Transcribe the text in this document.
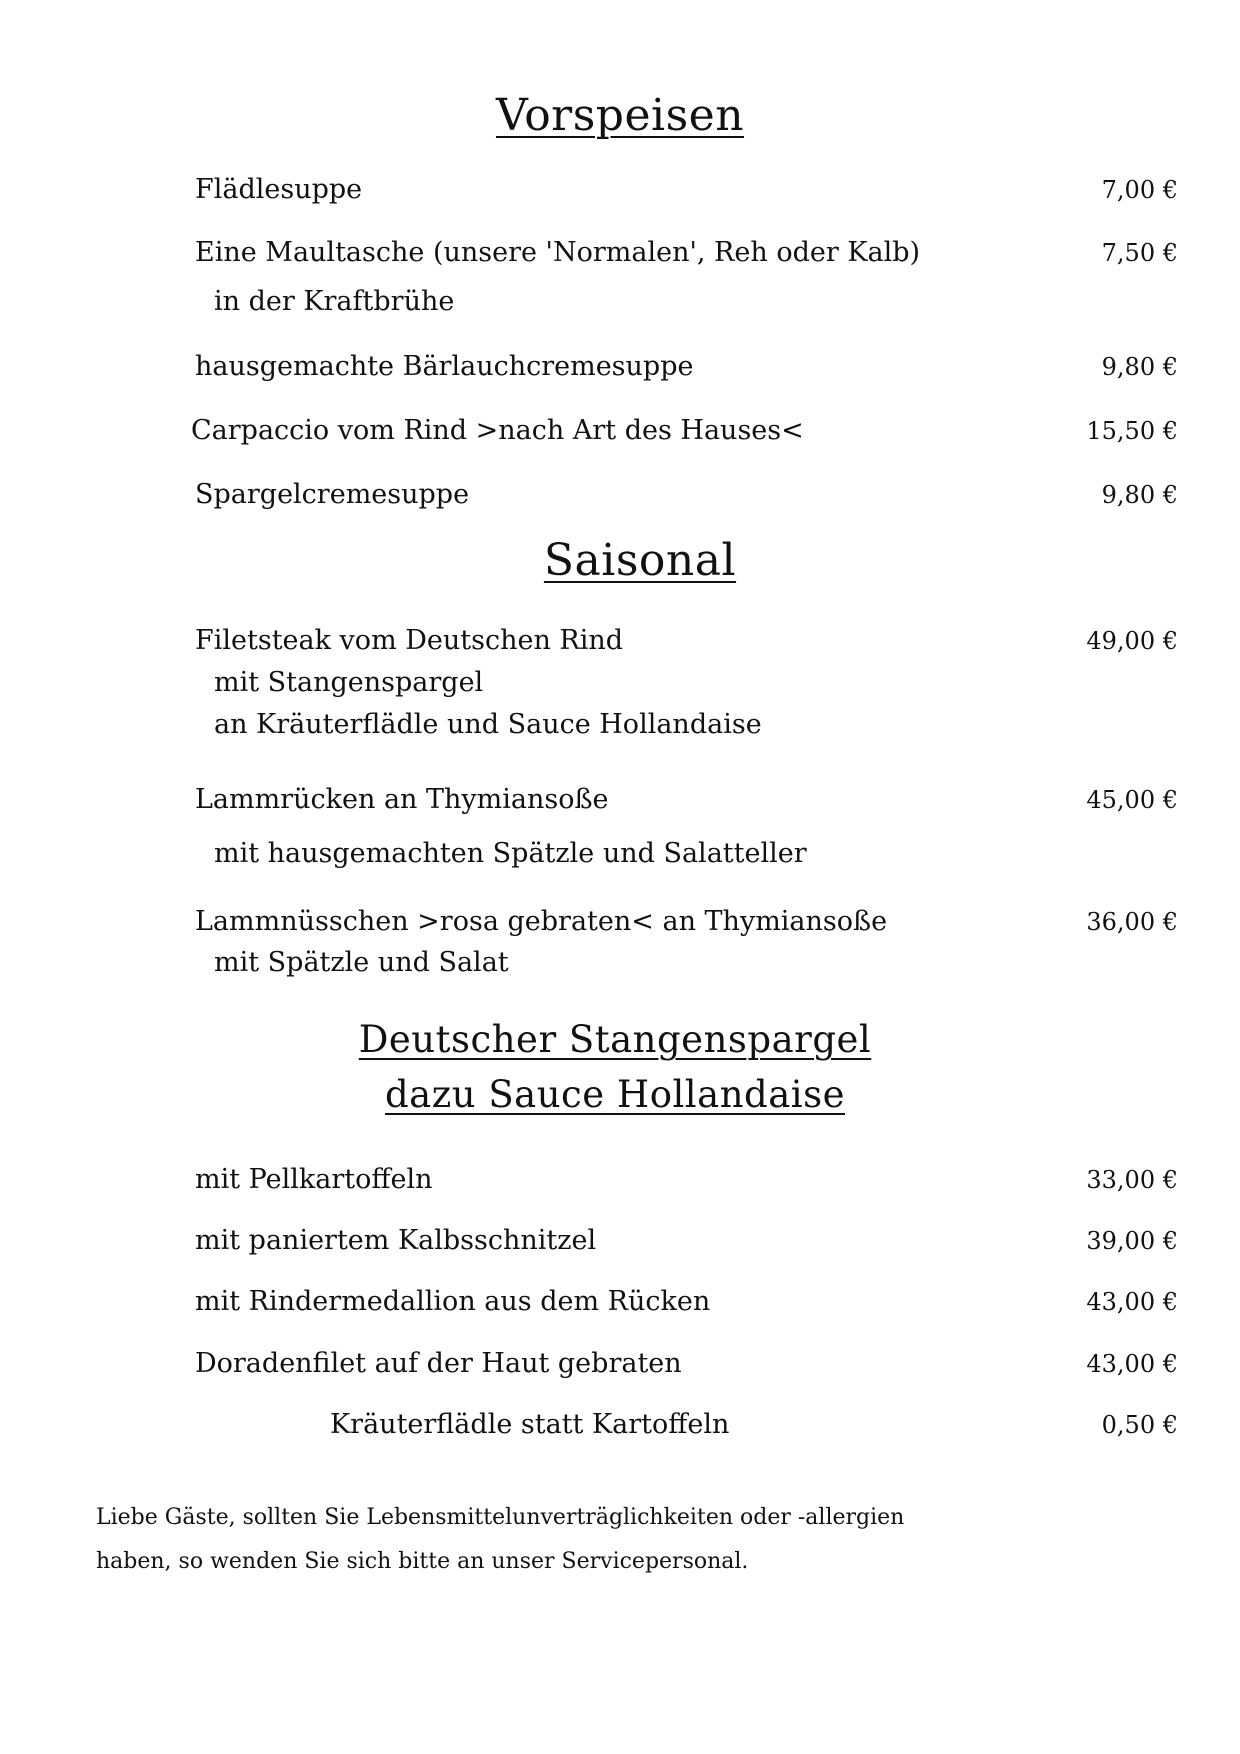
Vorspeisen
Flädlesuppe	7,00 €
Eine Maultasche (unsere 'Normalen', Reh oder Kalb)	7,50 €
in der Kraftbrühe
hausgemachte Bärlauchcremesuppe	9,80 €
Carpaccio vom Rind >nach Art des Hauses<	15,50 €
Spargelcremesuppe	9,80 €
Saisonal
Filetsteak vom Deutschen Rind	49,00 €
mit Stangenspargel
an Kräuterflädle und Sauce Hollandaise
Lammrücken an Thymiansoße	45,00 €
mit hausgemachten Spätzle und Salatteller
Lammnüsschen >rosa gebraten< an Thymiansoße	36,00 €
mit Spätzle und Salat
Deutscher Stangenspargel
dazu Sauce Hollandaise
mit Pellkartoffeln	33,00 €
mit paniertem Kalbsschnitzel	39,00 €
mit Rindermedallion aus dem Rücken	43,00 €
Doradenfilet auf der Haut gebraten	43,00 €
Kräuterflädle statt Kartoffeln	0,50 €
Liebe Gäste, sollten Sie Lebensmittelunverträglichkeiten oder -allergien
haben, so wenden Sie sich bitte an unser Servicepersonal.
